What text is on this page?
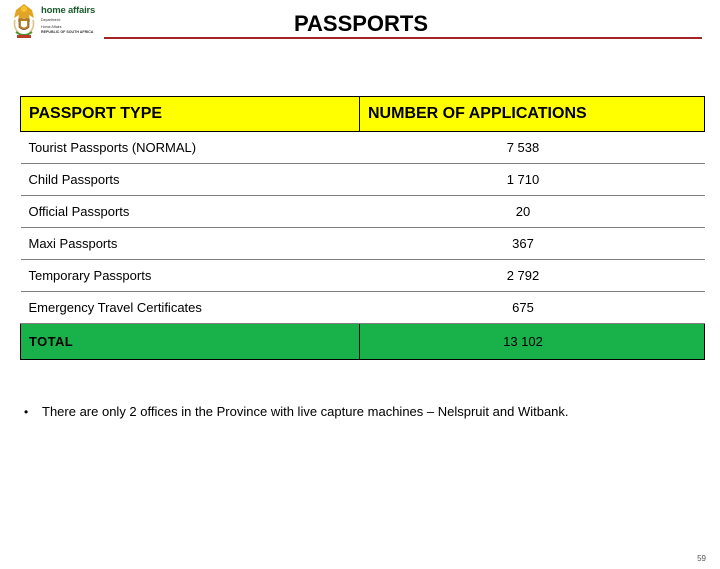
home affairs
Department:
Home Affairs
REPUBLIC OF SOUTH AFRICA	PASSPORTS
PASSPORT TYPE	NUMBER OF APPLICATIONS
Tourist Passports (NORMAL)	7 538
Child Passports	1 710
Official Passports	20
Maxi Passports	367
Temporary Passports	2 792
Emergency Travel Certificates	675
TOTAL	13 102
• There are only 2 offices in the Province with live capture machines – Nelspruit and Witbank.
59
